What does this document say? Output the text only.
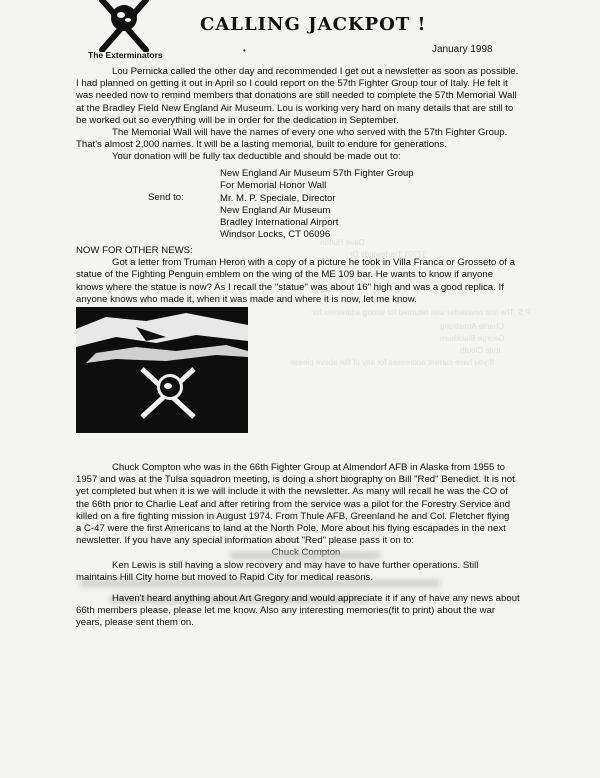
P.S. The last newsletter was returned for wrong addresses for:
Charlie Armstrong
George Blackburn
Irvin Clouth
If you have current addresses for any of the above please
Dave Hutton
12701 Tradewinds Dr
The Exterminators
CALLING JACKPOT !
•	January 1998

Lou Pernicka called the other day and recommended I get out a newsletter as soon as possible.

I had planned on getting it out in April so I could report on the 57th Fighter Group tour of Italy. He felt it

was needed now to remind members that donations are still needed to complete the 57th Memorial Wall

at the Bradley Field New England Air Museum. Lou is working very hard on many details that are still to

be worked out so everything will be in order for the dedication in September.

The Memorial Wall will have the names of every one who served with the 57th Fighter Group.

That's almost 2,000 names. It will be a lasting memorial, built to endure for generations.

Your donation will be fully tax deductible and should be made out to:

Send to:
New England Air Museum 57th Fighter Group
For Memorial Honor Wall
Mr. M. P. Speciale, Director
New England Air Museum
Bradley International Airport
Windsor Locks, CT 06096

NOW FOR OTHER NEWS:

Got a letter from Truman Heron with a copy of a picture he took in Villa Franca or Grosseto of a

statue of the Fighting Penguin emblem on the wing of the ME 109 bar. He wants to know if anyone

knows where the statue is now? As I recall the "statue" was about 16" high and was a good replica. If

anyone knows who made it, when it was made and where it is now, let me know.

Chuck Compton who was in the 66th Fighter Group at Almendorf AFB in Alaska from 1955 to

1957 and was at the Tulsa squadron meeting, is doing a short biography on Bill "Red" Benedict. It is not

yet completed but when it is we will include it with the newsletter. As many will recall he was the CO of

the 66th prior to Charlie Leaf and after retiring from the service was a pilot for the Forestry Service and

killed on a fire fighting mission in August 1974. From Thule AFB, Greenland he and Col. Fletcher flying

a C-47 were the first Americans to land at the North Pole. More about his flying escapades in the next

newsletter. If you have any special information about "Red" please pass it on to:

Ken Lewis is still having a slow recovery and may have to have further operations. Still

maintains Hill City home but moved to Rapid City for medical reasons.

Haven't heard anything about Art Gregory and would appreciate it if any of have any news about

66th members please, please let me know. Also any interesting memories(fit to print) about the war

years, please sent them on.
